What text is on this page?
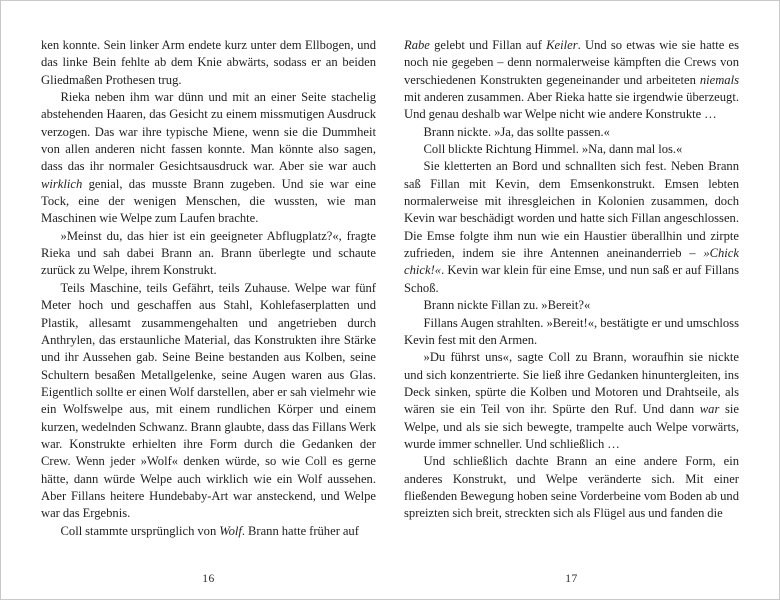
ken konnte. Sein linker Arm endete kurz unter dem Ellbogen, und das linke Bein fehlte ab dem Knie abwärts, sodass er an beiden Gliedmaßen Prothesen trug.

Rieka neben ihm war dünn und mit an einer Seite stachelig abstehenden Haaren, das Gesicht zu einem missmutigen Ausdruck verzogen. Das war ihre typische Miene, wenn sie die Dummheit von allen anderen nicht fassen konnte. Man könnte also sagen, dass das ihr normaler Gesichtsausdruck war. Aber sie war auch wirklich genial, das musste Brann zugeben. Und sie war eine Tock, eine der wenigen Menschen, die wussten, wie man Maschinen wie Welpe zum Laufen brachte.

»Meinst du, das hier ist ein geeigneter Abflugplatz?«, fragte Rieka und sah dabei Brann an. Brann überlegte und schaute zurück zu Welpe, ihrem Konstrukt.

Teils Maschine, teils Gefährt, teils Zuhause. Welpe war fünf Meter hoch und geschaffen aus Stahl, Kohlefaserplatten und Plastik, allesamt zusammengehalten und angetrieben durch Anthrylen, das erstaunliche Material, das Konstrukten ihre Stärke und ihr Aussehen gab. Seine Beine bestanden aus Kolben, seine Schultern besaßen Metallgelenke, seine Augen waren aus Glas. Eigentlich sollte er einen Wolf darstellen, aber er sah vielmehr wie ein Wolfswelpe aus, mit einem rundlichen Körper und einem kurzen, wedelnden Schwanz. Brann glaubte, dass das Fillans Werk war. Konstrukte erhielten ihre Form durch die Gedanken der Crew. Wenn jeder »Wolf« denken würde, so wie Coll es gerne hätte, dann würde Welpe auch wirklich wie ein Wolf aussehen. Aber Fillans heitere Hundebaby-Art war ansteckend, und Welpe war das Ergebnis.

Coll stammte ursprünglich von Wolf. Brann hatte früher auf

16

Rabe gelebt und Fillan auf Keiler. Und so etwas wie sie hatte es noch nie gegeben – denn normalerweise kämpften die Crews von verschiedenen Konstrukten gegeneinander und arbeiteten niemals mit anderen zusammen. Aber Rieka hatte sie irgendwie überzeugt. Und genau deshalb war Welpe nicht wie andere Konstrukte …

Brann nickte. »Ja, das sollte passen.«

Coll blickte Richtung Himmel. »Na, dann mal los.«

Sie kletterten an Bord und schnallten sich fest. Neben Brann saß Fillan mit Kevin, dem Emsenkonstrukt. Emsen lebten normalerweise mit ihresgleichen in Kolonien zusammen, doch Kevin war beschädigt worden und hatte sich Fillan angeschlossen. Die Emse folgte ihm nun wie ein Haustier überallhin und zirpte zufrieden, indem sie ihre Antennen aneinanderrieb – »Chick chick!«. Kevin war klein für eine Emse, und nun saß er auf Fillans Schoß.

Brann nickte Fillan zu. »Bereit?«

Fillans Augen strahlten. »Bereit!«, bestätigte er und umschloss Kevin fest mit den Armen.

»Du führst uns«, sagte Coll zu Brann, woraufhin sie nickte und sich konzentrierte. Sie ließ ihre Gedanken hinuntergleiten, ins Deck sinken, spürte die Kolben und Motoren und Drahtseile, als wären sie ein Teil von ihr. Spürte den Ruf. Und dann war sie Welpe, und als sie sich bewegte, trampelte auch Welpe vorwärts, wurde immer schneller. Und schließlich …

Und schließlich dachte Brann an eine andere Form, ein anderes Konstrukt, und Welpe veränderte sich. Mit einer fließenden Bewegung hoben seine Vorderbeine vom Boden ab und spreizten sich breit, streckten sich als Flügel aus und fanden die

17
